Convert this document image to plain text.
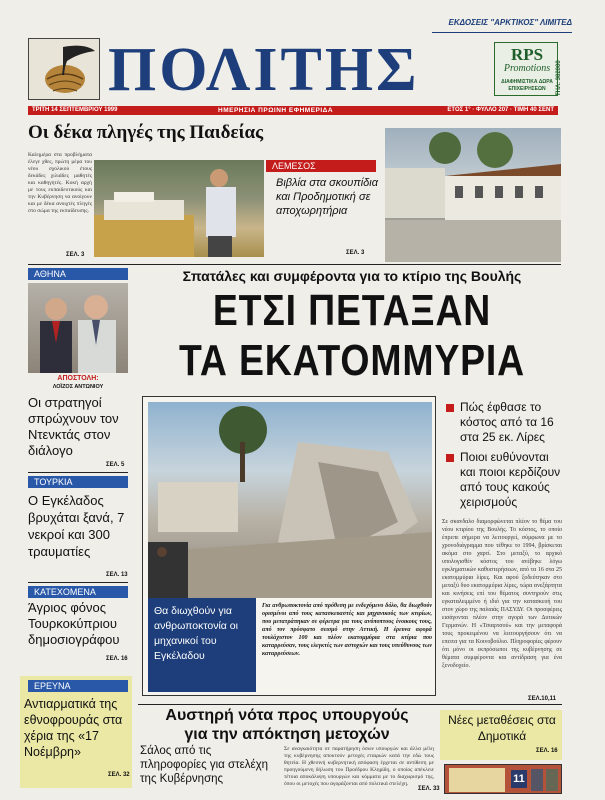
ΠΟΛΙΤΗΣ
ΕΚΔΟΣΕΙΣ "ΑΡΚΤΙΚΟΣ" ΛΙΜΙΤΕΔ
RPS
Promotions
ΔΙΑΦΗΜΙΣΤΙΚΑ ΔΩΡΑ
ΕΠΙΧΕΙΡΗΣΕΩΝ	ΤΗΛ: 382000
ΤΡΙΤΗ 14 ΣΕΠΤΕΜΒΡΙΟΥ 1999	ΗΜΕΡΗΣΙΑ ΠΡΩΙΝΗ ΕΦΗΜΕΡΙΔΑ	ΕΤΟΣ 1° · ΦΥΛΛΟ 207 · ΤΙΜΗ 40 ΣΕΝΤ
Οι δέκα πληγές της Παιδείας
Καλημέρα στα προβλήματα έλεγε χθες, πρώτη μέρα του νέου σχολικού έτους δεκάδες χιλιάδες μαθητές και καθηγητές. Κοκή αρχή με τους εκπαιδευτικούς και την Κυβέρνηση να ανοίγουν και με δέκα ανοιχτές πληγές στο σώμα της εκπαίδευσης.
ΣΕΛ. 3
ΛΕΜΕΣΟΣ
Βιβλία στα σκουπίδια και Προδημοτική σε αποχωρητήρια
ΣΕΛ. 3
ΑΘΗΝΑ
ΑΠΟΣΤΟΛΗ:
ΛΟΪΖΟΣ ΑΝΤΩΝΙΟΥ
Οι στρατηγοί σπρώχνουν τον Ντενκτάς στον διάλογο
ΣΕΛ. 5
ΤΟΥΡΚΙΑ
Ο Εγκέλαδος βρυχάται ξανά, 7 νεκροί και 300 τραυματίες
ΣΕΛ. 13
ΚΑΤΕΧΟΜΕΝΑ
Άγριος φόνος Τουρκοκύπριου δημοσιογράφου
ΣΕΛ. 16
ΕΡΕΥΝΑ
Αντιαρματικά της εθνοφρουράς στα χέρια της «17 Νοέμβρη»
ΣΕΛ. 32
Σπατάλες και συμφέροντα για το κτίριο της Βουλής
ΕΤΣΙ ΠΕΤΑΞΑΝ
ΤΑ ΕΚΑΤΟΜΜΥΡΙΑ
Θα διωχθούν για ανθρωποκτονία οι μηχανικοί του Εγκέλαδου
Για ανθρωποκτονία από πρόθεση με ενδεχόμενο δόλο, θα διωχθούν ορισμένοι από τους κατασκευαστές και μηχανικούς των κτιρίων, που μετατράπηκαν σε φέρετρα για τους ανύποπτους ένοικους τους, από τον πρόσφατο σεισμό στην Αττική. Η έρευνα αφορά τουλάχιστον 100 και πλέον εκατομμύρια στα κτίρια που καταρρεύσαν, τους ελεγκτές των αστοχιών και τους υπεύθυνους των καταρρεύσεων.
Πώς έφθασε το κόστος από τα 16 στα 25 εκ. Λίρες
Ποιοι ευθύνονται και ποιοι κερδίζουν από τους κακούς χειρισμούς
Σε σκανδαλο διαμορφώνεται πλέον το θέμα του νέου κτιρίου της Βουλής. Το κόστος, το οποίο έπρεπε σήμερα να λειτουργεί, σύμφωνα με το χρονοδιάγραμμα που τέθηκε το 1994, βρίσκεται ακόμα στο χαρτί. Στο μεταξύ, το αρχικό υπολογισθέν κόστος του ανέβηκε λόγω εγκληματικών καθυστερήσεων, από τα 16 στα 25 εκατομμύρια λίρες. Και αφού ξοδεύτηκαν στο μεταξύ δυο εκατομμύρια λίρες, τώρα ανεξάρτητα και κινήσεις επί του θέματος συντηρούν στις εγκαταλειμμένο ή ιδιό για την κατασκευή του στον χώρο της παλαιάς ΠΑΣΥΔΥ. Οι προσφέρεις εισάγονται πλέον στην αγορά των Δυτικών Γερμανών. Η «Τσιαρτσού» και την μεταφορά τους προκειμένου να λειτουργήσουν ότι να επειτα για τα Κοινοβούλιο. Πληροφορίες φέρουν ότι μόνο οι εκπρόσωποι της κυβέρνησης σε θέματα συμφέροντα και αντίδραση για ένα ξενοδοχείο.
ΣΕΛ.10,11
Αυστηρή νότα προς υπουργούς
για την απόκτηση μετοχών
Σάλος από τις πληροφορίες για στελέχη της Κυβέρνησης
Σε αναγκαιότητα σε παρατήρηση όσων υπουργών και άλλα μέλη της κυβέρνησης αποκτούν μετοχές εταιριών κατά την εδώ τους θητεία. Η χθεσινή κυβερνητική απόφαση έρχεται σε αντίθεση με προηγούμενη δήλωση του Προέδρου Κληρίδη, ο οποίος απέκλειε τέτοια αποκάλυψη υπουργών και κόμματα με το διαχωρισμό της, όπου οι μετοχές που αγοράζονται από πολιτικά στελέχη.
ΣΕΛ. 33
Νέες μεταθέσεις στα Δημοτικά
ΣΕΛ. 16
11
